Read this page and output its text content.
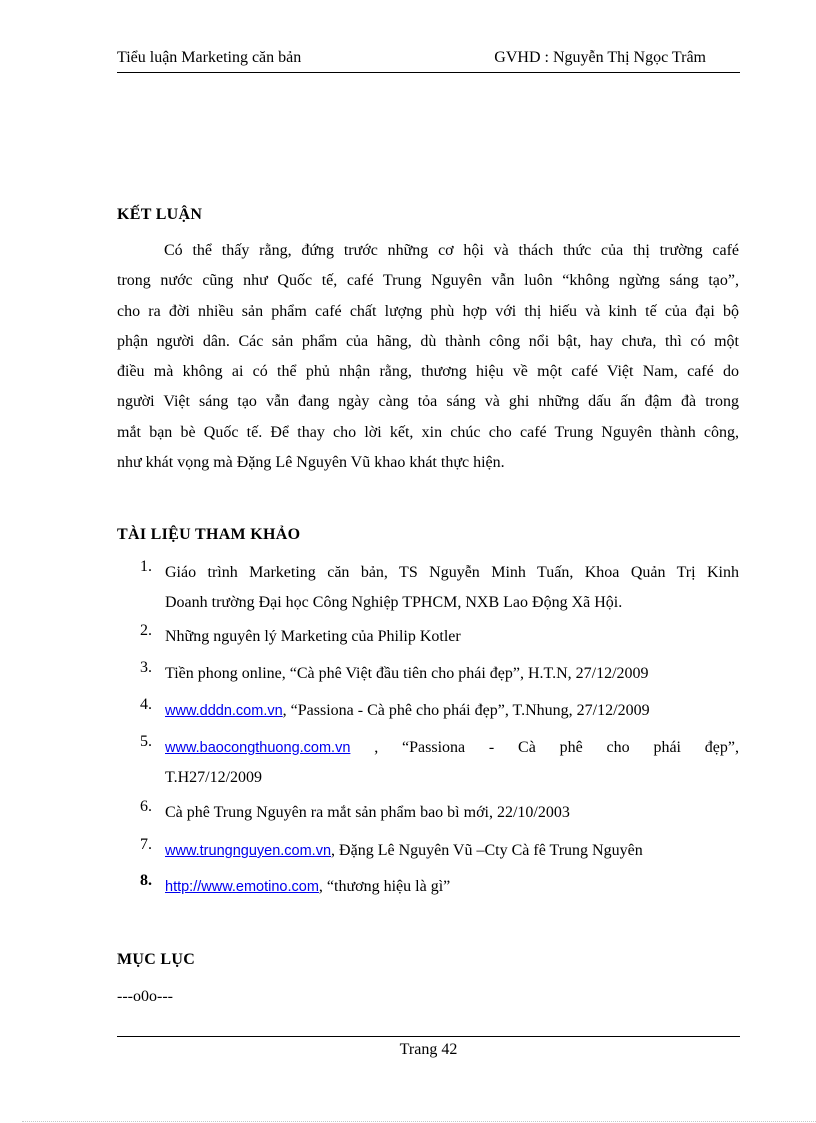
Tiểu luận Marketing căn bản	GVHD : Nguyễn Thị Ngọc Trâm
KẾT LUẬN
Có thể thấy rằng, đứng trước những cơ hội và thách thức của thị trường café
trong nước cũng như Quốc tế, café Trung Nguyên vẫn luôn “không ngừng sáng tạo”,
cho ra đời nhiều sản phẩm café chất lượng phù hợp với thị hiếu và kinh tế của đại bộ
phận người dân. Các sản phẩm của hãng, dù thành công nổi bật, hay chưa, thì có một
điều mà không ai có thể phủ nhận rằng, thương hiệu về một café Việt Nam, café do
người Việt sáng tạo vẫn đang ngày càng tỏa sáng và ghi những dấu ấn đậm đà trong
mắt bạn bè Quốc tế. Để thay cho lời kết, xin chúc cho café Trung Nguyên thành công,
như khát vọng mà Đặng Lê Nguyên Vũ khao khát thực hiện.
TÀI LIỆU THAM KHẢO
1. Giáo trình Marketing căn bản, TS Nguyễn Minh Tuấn, Khoa Quản Trị Kinh
Doanh trường Đại học Công Nghiệp TPHCM, NXB Lao Động Xã Hội.
2. Những nguyên lý Marketing của Philip Kotler
3. Tiền phong online, “Cà phê Việt đầu tiên cho phái đẹp”, H.T.N, 27/12/2009
4. www.dddn.com.vn, “Passiona - Cà phê cho phái đẹp”, T.Nhung, 27/12/2009
5. www.baocongthuong.com.vn , “Passiona - Cà phê cho phái đẹp”,
T.H27/12/2009
6. Cà phê Trung Nguyên ra mắt sản phẩm bao bì mới, 22/10/2003
7. www.trungnguyen.com.vn, Đặng Lê Nguyên Vũ –Cty Cà fê Trung Nguyên
8. http://www.emotino.com, “thương hiệu là gì”
MỤC LỤC
---o0o---
Trang 42
